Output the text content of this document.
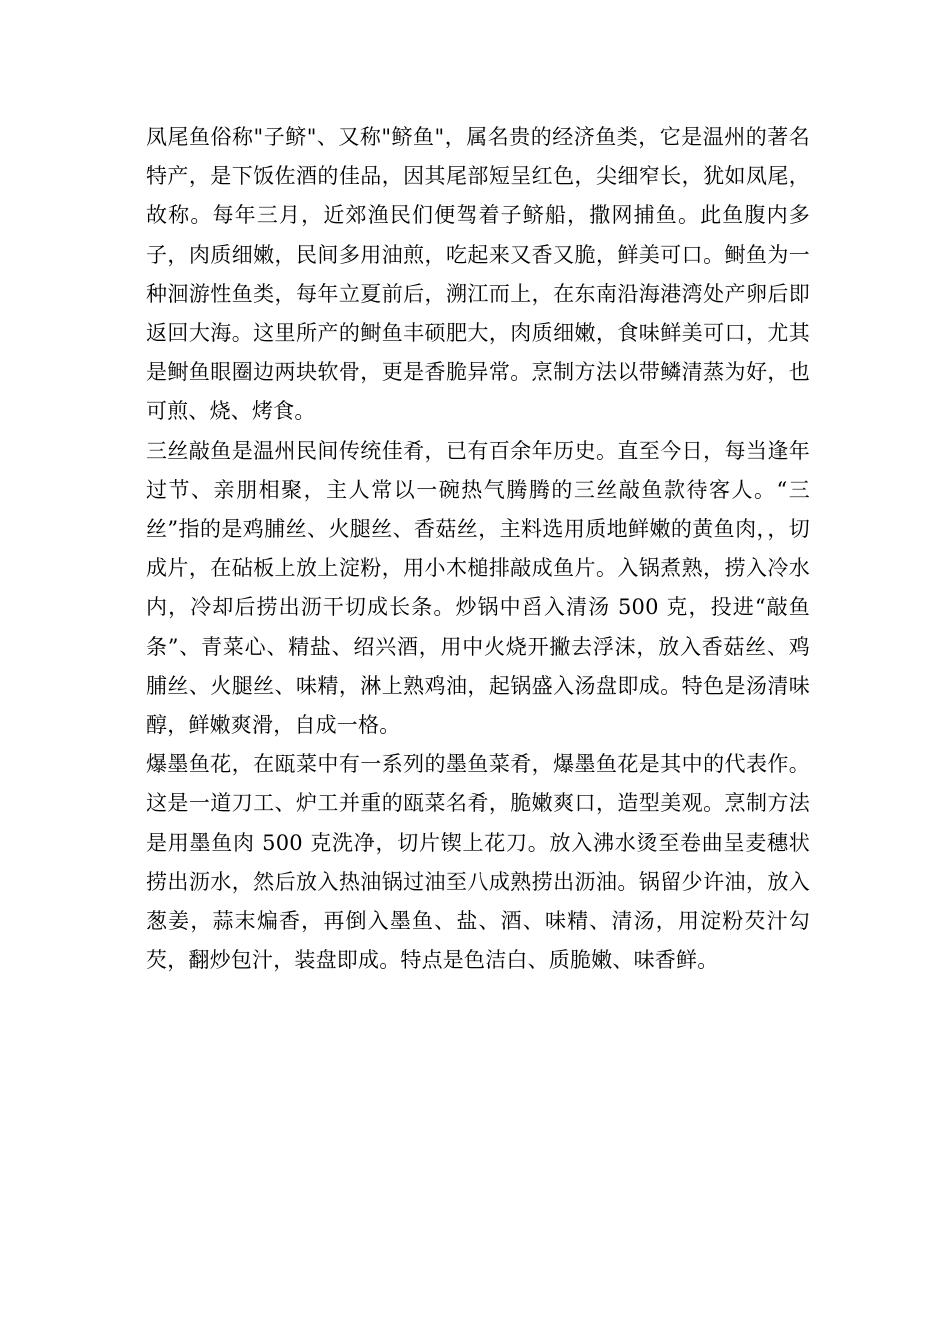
凤尾鱼俗称"子鲚"、又称"鲚鱼"，属名贵的经济鱼类，它是温州的著名特产，是下饭佐酒的佳品，因其尾部短呈红色，尖细窄长，犹如凤尾，故称。每年三月，近郊渔民们便驾着子鲚船，撒网捕鱼。此鱼腹内多子，肉质细嫩，民间多用油煎，吃起来又香又脆，鲜美可口。鲥鱼为一种洄游性鱼类，每年立夏前后，溯江而上，在东南沿海港湾处产卵后即返回大海。这里所产的鲥鱼丰硕肥大，肉质细嫩，食味鲜美可口，尤其是鲥鱼眼圈边两块软骨，更是香脆异常。烹制方法以带鳞清蒸为好，也可煎、烧、烤食。

三丝敲鱼是温州民间传统佳肴，已有百余年历史。直至今日，每当逢年过节、亲朋相聚，主人常以一碗热气腾腾的三丝敲鱼款待客人。“三丝”指的是鸡脯丝、火腿丝、香菇丝，主料选用质地鲜嫩的黄鱼肉，，切成片，在砧板上放上淀粉，用小木槌排敲成鱼片。入锅煮熟，捞入冷水内，冷却后捞出沥干切成长条。炒锅中舀入清汤 500 克，投进“敲鱼条”、青菜心、精盐、绍兴酒，用中火烧开撇去浮沫，放入香菇丝、鸡脯丝、火腿丝、味精，淋上熟鸡油，起锅盛入汤盘即成。特色是汤清味醇，鲜嫩爽滑，自成一格。

爆墨鱼花，在瓯菜中有一系列的墨鱼菜肴，爆墨鱼花是其中的代表作。这是一道刀工、炉工并重的瓯菜名肴，脆嫩爽口，造型美观。烹制方法是用墨鱼肉 500 克洗净，切片锲上花刀。放入沸水烫至卷曲呈麦穗状捞出沥水，然后放入热油锅过油至八成熟捞出沥油。锅留少许油，放入葱姜，蒜末煸香，再倒入墨鱼、盐、酒、味精、清汤，用淀粉芡汁勾芡，翻炒包汁，装盘即成。特点是色洁白、质脆嫩、味香鲜。
